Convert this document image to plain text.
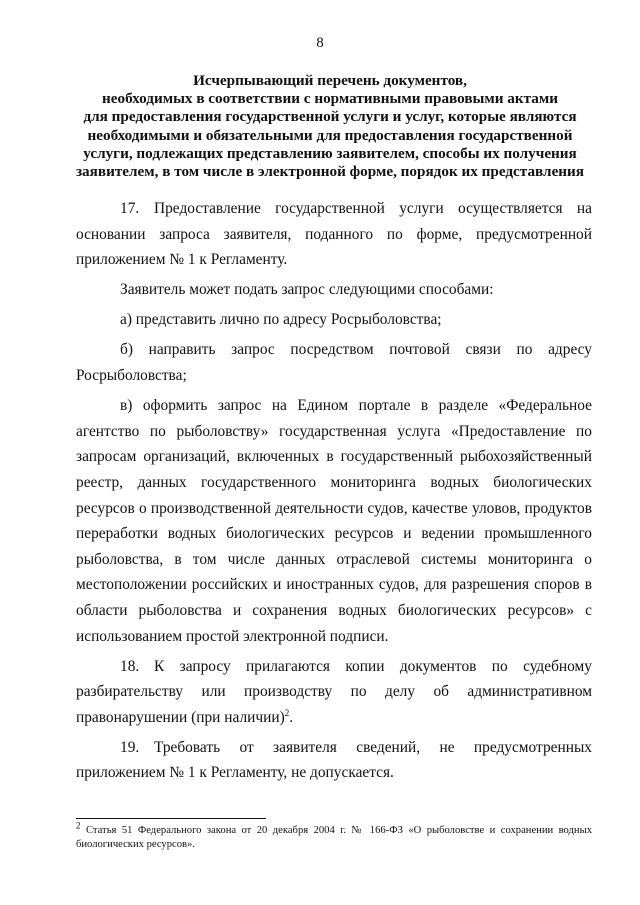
8
Исчерпывающий перечень документов,
необходимых в соответствии с нормативными правовыми актами
для предоставления государственной услуги и услуг, которые являются
необходимыми и обязательными для предоставления государственной
услуги, подлежащих представлению заявителем, способы их получения
заявителем, в том числе в электронной форме, порядок их представления

17. Предоставление государственной услуги осуществляется на основании запроса заявителя, поданного по форме, предусмотренной приложением № 1 к Регламенту.

Заявитель может подать запрос следующими способами:

а) представить лично по адресу Росрыболовства;

б) направить запрос посредством почтовой связи по адресу Росрыболовства;

в) оформить запрос на Едином портале в разделе «Федеральное агентство по рыболовству» государственная услуга «Предоставление по запросам организаций, включенных в государственный рыбохозяйственный реестр, данных государственного мониторинга водных биологических ресурсов о производственной деятельности судов, качестве уловов, продуктов переработки водных биологических ресурсов и ведении промышленного рыболовства, в том числе данных отраслевой системы мониторинга о местоположении российских и иностранных судов, для разрешения споров в области рыболовства и сохранения водных биологических ресурсов» с использованием простой электронной подписи.

18. К запросу прилагаются копии документов по судебному разбирательству или производству по делу об административном правонарушении (при наличии)$^2$.

19. Требовать от заявителя сведений, не предусмотренных приложением № 1 к Регламенту, не допускается.

$^2$ Статья 51 Федерального закона от 20 декабря 2004 г. № 166-ФЗ «О рыболовстве и сохранении водных биологических ресурсов».
